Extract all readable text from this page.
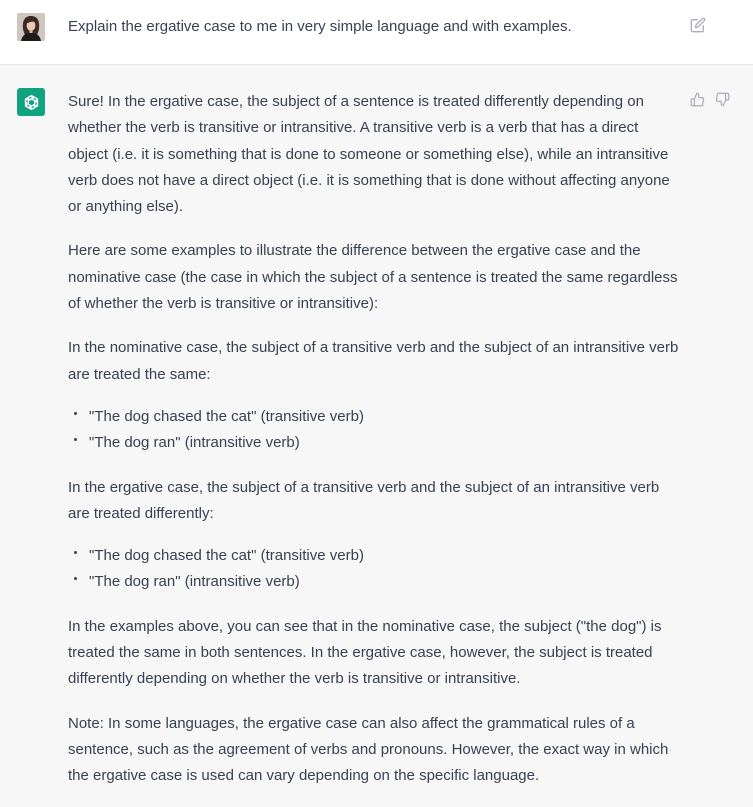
Explain the ergative case to me in very simple language and with examples.

Sure! In the ergative case, the subject of a sentence is treated differently depending on whether the verb is transitive or intransitive. A transitive verb is a verb that has a direct object (i.e. it is something that is done to someone or something else), while an intransitive verb does not have a direct object (i.e. it is something that is done without affecting anyone or anything else).

Here are some examples to illustrate the difference between the ergative case and the nominative case (the case in which the subject of a sentence is treated the same regardless of whether the verb is transitive or intransitive):

In the nominative case, the subject of a transitive verb and the subject of an intransitive verb are treated the same:

"The dog chased the cat" (transitive verb)
"The dog ran" (intransitive verb)

In the ergative case, the subject of a transitive verb and the subject of an intransitive verb are treated differently:

"The dog chased the cat" (transitive verb)
"The dog ran" (intransitive verb)

In the examples above, you can see that in the nominative case, the subject ("the dog") is treated the same in both sentences. In the ergative case, however, the subject is treated differently depending on whether the verb is transitive or intransitive.

Note: In some languages, the ergative case can also affect the grammatical rules of a sentence, such as the agreement of verbs and pronouns. However, the exact way in which the ergative case is used can vary depending on the specific language.
